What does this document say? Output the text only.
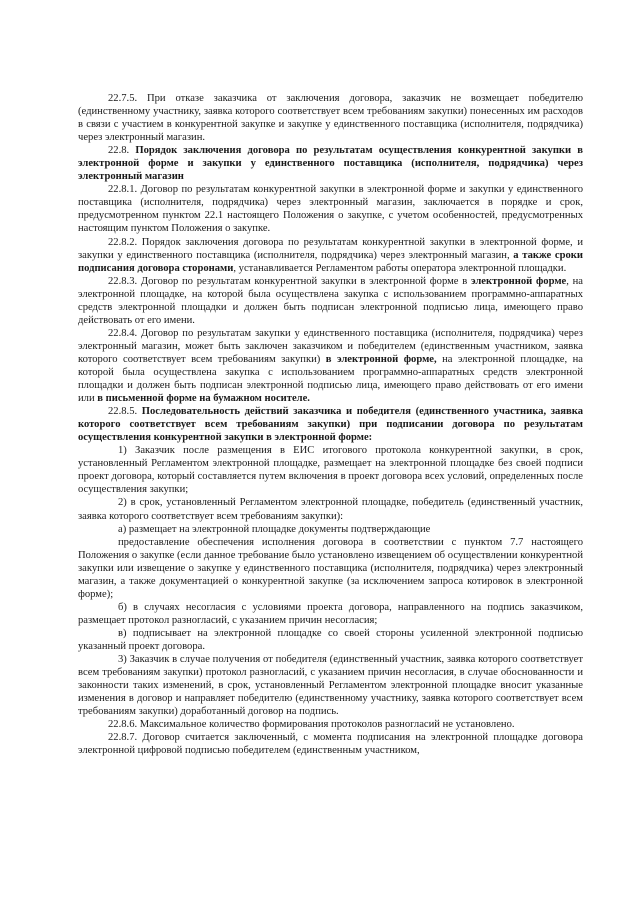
22.7.5. При отказе заказчика от заключения договора, заказчик не возмещает победителю (единственному участнику, заявка которого соответствует всем требованиям закупки) понесенных им расходов в связи с участием в конкурентной закупке и закупке у единственного поставщика (исполнителя, подрядчика) через электронный магазин.

22.8. Порядок заключения договора по результатам осуществления конкурентной закупки в электронной форме и закупки у единственного поставщика (исполнителя, подрядчика) через электронный магазин

22.8.1. Договор по результатам конкурентной закупки в электронной форме и закупки у единственного поставщика (исполнителя, подрядчика) через электронный магазин, заключается в порядке и срок, предусмотренном пунктом 22.1 настоящего Положения о закупке, с учетом особенностей, предусмотренных настоящим пунктом Положения о закупке.

22.8.2. Порядок заключения договора по результатам конкурентной закупки в электронной форме, и закупки у единственного поставщика (исполнителя, подрядчика) через электронный магазин, а также сроки подписания договора сторонами, устанавливается Регламентом работы оператора электронной площадки.

22.8.3. Договор по результатам конкурентной закупки в электронной форме в электронной форме, на электронной площадке, на которой была осуществлена закупка с использованием программно-аппаратных средств электронной площадки и должен быть подписан электронной подписью лица, имеющего право действовать от его имени.

22.8.4. Договор по результатам закупки у единственного поставщика (исполнителя, подрядчика) через электронный магазин, может быть заключен заказчиком и победителем (единственным участником, заявка которого соответствует всем требованиям закупки) в электронной форме, на электронной площадке, на которой была осуществлена закупка с использованием программно-аппаратных средств электронной площадки и должен быть подписан электронной подписью лица, имеющего право действовать от его имени или в письменной форме на бумажном носителе.

22.8.5. Последовательность действий заказчика и победителя (единственного участника, заявка которого соответствует всем требованиям закупки) при подписании договора по результатам осуществления конкурентной закупки в электронной форме:

1) Заказчик после размещения в ЕИС итогового протокола конкурентной закупки, в срок, установленный Регламентом электронной площадке, размещает на электронной площадке без своей подписи проект договора, который составляется путем включения в проект договора всех условий, определенных после осуществления закупки;

2) в срок, установленный Регламентом электронной площадке, победитель (единственный участник, заявка которого соответствует всем требованиям закупки):

а) размещает на электронной площадке документы подтверждающие

предоставление обеспечения исполнения договора в соответствии с пунктом 7.7 настоящего Положения о закупке (если данное требование было установлено извещением об осуществлении конкурентной закупки или извещение о закупке у единственного поставщика (исполнителя, подрядчика) через электронный магазин, а также документацией о конкурентной закупке (за исключением запроса котировок в электронной форме);

б) в случаях несогласия с условиями проекта договора, направленного на подпись заказчиком, размещает протокол разногласий, с указанием причин несогласия;

в) подписывает на электронной площадке со своей стороны усиленной электронной подписью указанный проект договора.

3) Заказчик в случае получения от победителя (единственный участник, заявка которого соответствует всем требованиям закупки) протокол разногласий, с указанием причин несогласия, в случае обоснованности и законности таких изменений, в срок, установленный Регламентом электронной площадке вносит указанные изменения в договор и направляет победителю (единственному участнику, заявка которого соответствует всем требованиям закупки) доработанный договор на подпись.

22.8.6. Максимальное количество формирования протоколов разногласий не установлено.

22.8.7. Договор считается заключенный, с момента подписания на электронной площадке договора электронной цифровой подписью победителем (единственным участником,
